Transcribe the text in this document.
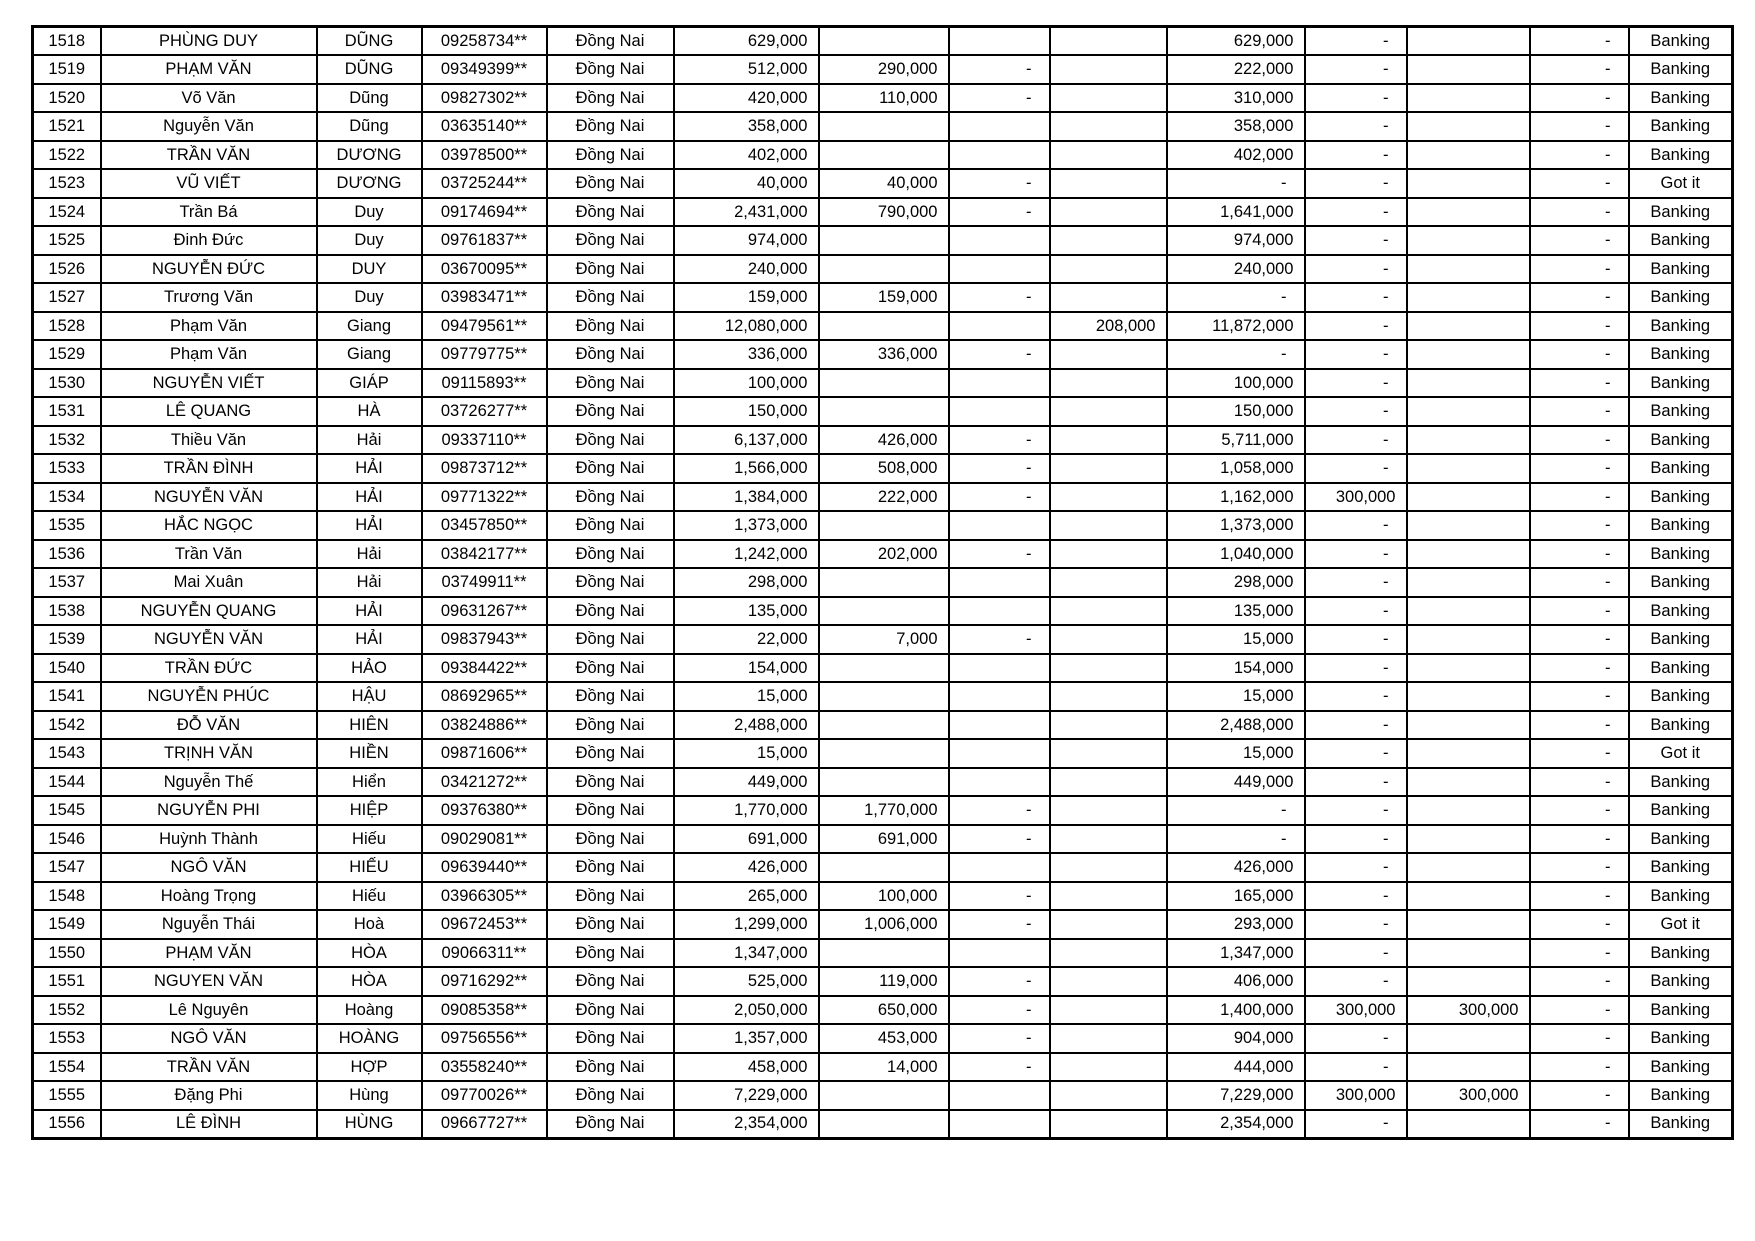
1518	PHÙNG DUY	DŨNG	09258734**	Đồng Nai	629,000				629,000	-		-	Banking
1519	PHẠM VĂN	DŨNG	09349399**	Đồng Nai	512,000	290,000	-		222,000	-		-	Banking
1520	Võ Văn	Dũng	09827302**	Đồng Nai	420,000	110,000	-		310,000	-		-	Banking
1521	Nguyễn Văn	Dũng	03635140**	Đồng Nai	358,000				358,000	-		-	Banking
1522	TRẦN VĂN	DƯƠNG	03978500**	Đồng Nai	402,000				402,000	-		-	Banking
1523	VŨ VIẾT	DƯƠNG	03725244**	Đồng Nai	40,000	40,000	-		-	-		-	Got it
1524	Trần Bá	Duy	09174694**	Đồng Nai	2,431,000	790,000	-		1,641,000	-		-	Banking
1525	Đinh Đức	Duy	09761837**	Đồng Nai	974,000				974,000	-		-	Banking
1526	NGUYỄN ĐỨC	DUY	03670095**	Đồng Nai	240,000				240,000	-		-	Banking
1527	Trương Văn	Duy	03983471**	Đồng Nai	159,000	159,000	-		-	-		-	Banking
1528	Phạm Văn	Giang	09479561**	Đồng Nai	12,080,000			208,000	11,872,000	-		-	Banking
1529	Phạm Văn	Giang	09779775**	Đồng Nai	336,000	336,000	-		-	-		-	Banking
1530	NGUYỄN VIẾT	GIÁP	09115893**	Đồng Nai	100,000				100,000	-		-	Banking
1531	LÊ QUANG	HÀ	03726277**	Đồng Nai	150,000				150,000	-		-	Banking
1532	Thiều Văn	Hải	09337110**	Đồng Nai	6,137,000	426,000	-		5,711,000	-		-	Banking
1533	TRẦN ĐÌNH	HẢI	09873712**	Đồng Nai	1,566,000	508,000	-		1,058,000	-		-	Banking
1534	NGUYỄN VĂN	HẢI	09771322**	Đồng Nai	1,384,000	222,000	-		1,162,000	300,000		-	Banking
1535	HẮC NGỌC	HẢI	03457850**	Đồng Nai	1,373,000				1,373,000	-		-	Banking
1536	Trần Văn	Hải	03842177**	Đồng Nai	1,242,000	202,000	-		1,040,000	-		-	Banking
1537	Mai Xuân	Hải	03749911**	Đồng Nai	298,000				298,000	-		-	Banking
1538	NGUYỄN QUANG	HẢI	09631267**	Đồng Nai	135,000				135,000	-		-	Banking
1539	NGUYỄN VĂN	HẢI	09837943**	Đồng Nai	22,000	7,000	-		15,000	-		-	Banking
1540	TRẦN ĐỨC	HẢO	09384422**	Đồng Nai	154,000				154,000	-		-	Banking
1541	NGUYỄN PHÚC	HẬU	08692965**	Đồng Nai	15,000				15,000	-		-	Banking
1542	ĐỖ VĂN	HIÊN	03824886**	Đồng Nai	2,488,000				2,488,000	-		-	Banking
1543	TRỊNH VĂN	HIỀN	09871606**	Đồng Nai	15,000				15,000	-		-	Got it
1544	Nguyễn Thế	Hiển	03421272**	Đồng Nai	449,000				449,000	-		-	Banking
1545	NGUYỄN PHI	HIỆP	09376380**	Đồng Nai	1,770,000	1,770,000	-		-	-		-	Banking
1546	Huỳnh Thành	Hiếu	09029081**	Đồng Nai	691,000	691,000	-		-	-		-	Banking
1547	NGÔ VĂN	HIẾU	09639440**	Đồng Nai	426,000				426,000	-		-	Banking
1548	Hoàng Trọng	Hiếu	03966305**	Đồng Nai	265,000	100,000	-		165,000	-		-	Banking
1549	Nguyễn Thái	Hoà	09672453**	Đồng Nai	1,299,000	1,006,000	-		293,000	-		-	Got it
1550	PHẠM VĂN	HÒA	09066311**	Đồng Nai	1,347,000				1,347,000	-		-	Banking
1551	NGUYEN VĂN	HÒA	09716292**	Đồng Nai	525,000	119,000	-		406,000	-		-	Banking
1552	Lê Nguyên	Hoàng	09085358**	Đồng Nai	2,050,000	650,000	-		1,400,000	300,000	300,000	-	Banking
1553	NGÔ VĂN	HOÀNG	09756556**	Đồng Nai	1,357,000	453,000	-		904,000	-		-	Banking
1554	TRẦN VĂN	HỢP	03558240**	Đồng Nai	458,000	14,000	-		444,000	-		-	Banking
1555	Đặng Phi	Hùng	09770026**	Đồng Nai	7,229,000				7,229,000	300,000	300,000	-	Banking
1556	LÊ ĐÌNH	HÙNG	09667727**	Đồng Nai	2,354,000				2,354,000	-		-	Banking
